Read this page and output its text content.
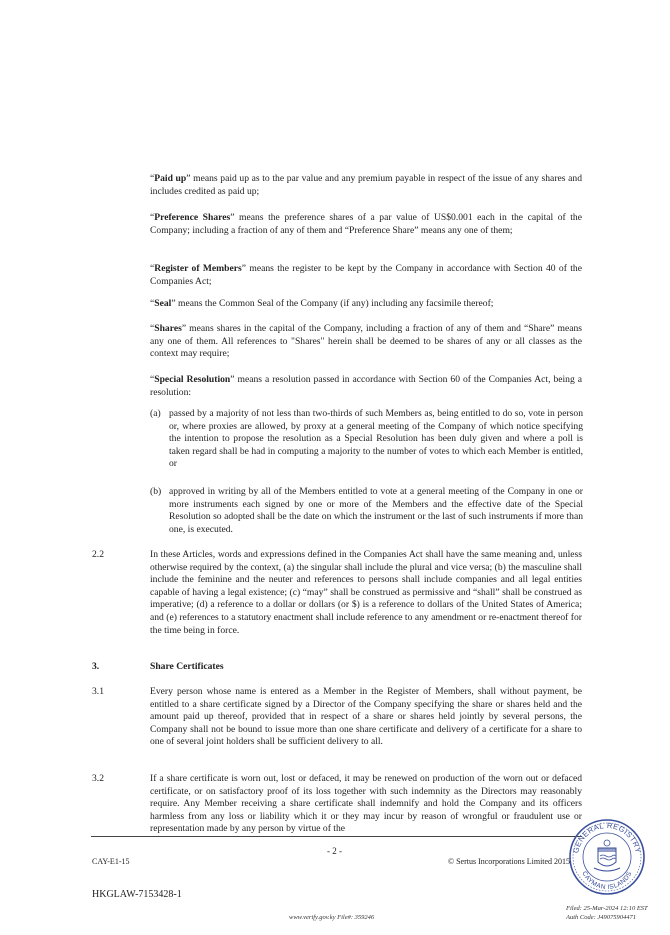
“Paid up” means paid up as to the par value and any premium payable in respect of the issue of any shares and includes credited as paid up;

“Preference Shares” means the preference shares of a par value of US$0.001 each in the capital of the Company; including a fraction of any of them and “Preference Share” means any one of them;

“Register of Members” means the register to be kept by the Company in accordance with Section 40 of the Companies Act;

“Seal” means the Common Seal of the Company (if any) including any facsimile thereof;

“Shares” means shares in the capital of the Company, including a fraction of any of them and “Share” means any one of them. All references to "Shares" herein shall be deemed to be shares of any or all classes as the context may require;

“Special Resolution” means a resolution passed in accordance with Section 60 of the Companies Act, being a resolution:

(a) passed by a majority of not less than two-thirds of such Members as, being entitled to do so, vote in person or, where proxies are allowed, by proxy at a general meeting of the Company of which notice specifying the intention to propose the resolution as a Special Resolution has been duly given and where a poll is taken regard shall be had in computing a majority to the number of votes to which each Member is entitled, or
(b) approved in writing by all of the Members entitled to vote at a general meeting of the Company in one or more instruments each signed by one or more of the Members and the effective date of the Special Resolution so adopted shall be the date on which the instrument or the last of such instruments if more than one, is executed.
2.2	In these Articles, words and expressions defined in the Companies Act shall have the same meaning and, unless otherwise required by the context, (a) the singular shall include the plural and vice versa; (b) the masculine shall include the feminine and the neuter and references to persons shall include companies and all legal entities capable of having a legal existence; (c) “may” shall be construed as permissive and “shall” shall be construed as imperative; (d) a reference to a dollar or dollars (or $) is a reference to dollars of the United States of America; and (e) references to a statutory enactment shall include reference to any amendment or re-enactment thereof for the time being in force.

3.	Share Certificates
3.1	Every person whose name is entered as a Member in the Register of Members, shall without payment, be entitled to a share certificate signed by a Director of the Company specifying the share or shares held and the amount paid up thereof, provided that in respect of a share or shares held jointly by several persons, the Company shall not be bound to issue more than one share certificate and delivery of a certificate for a share to one of several joint holders shall be sufficient delivery to all.

3.2	If a share certificate is worn out, lost or defaced, it may be renewed on production of the worn out or defaced certificate, or on satisfactory proof of its loss together with such indemnity as the Directors may reasonably require. Any Member receiving a share certificate shall indemnify and hold the Company and its officers harmless from any loss or liability which it or they may incur by reason of wrongful or fraudulent use or representation made by any person by virtue of the

CAY-E1-15
- 2 -
© Sertus Incorporations Limited 2015
HKGLAW-7153428-1
GENERAL REGISTRY
CAYMAN ISLANDS
Filed: 25-Mar-2024 12:10 EST
Auth Code: J49075904471
www.verify.gov.ky File#: 359246
